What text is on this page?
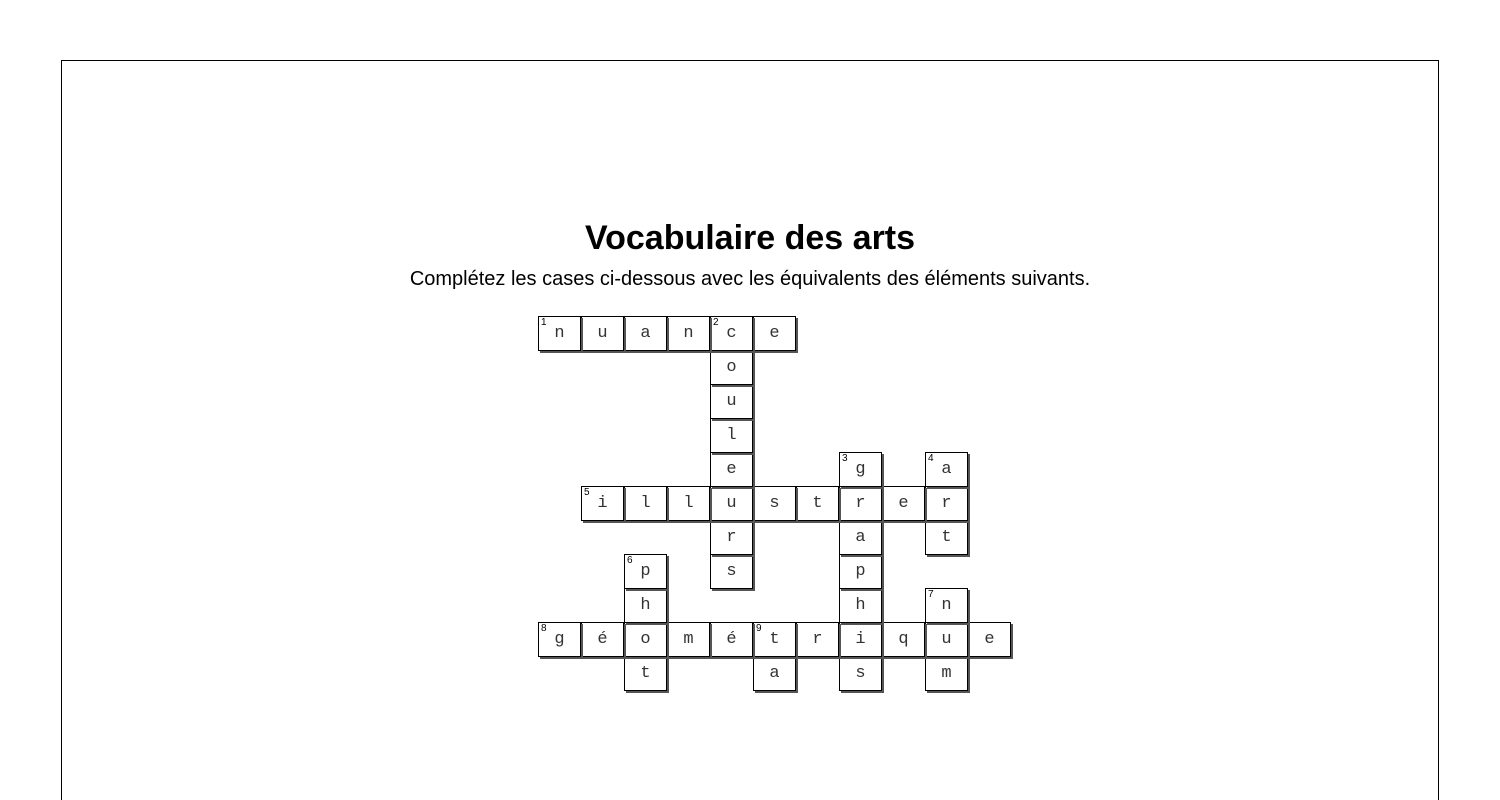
Vocabulaire des arts
Complétez les cases ci-dessous avec les équivalents des éléments suivants.
m
s
a
t
e
u
q
i
r
9
t
é
m
o
é
8
g
7
n
h
h
p
s
6
p
t
a
r
r
e
r
t
s
u
l
l
5
i
4
a
3
g
e
l
u
o
e
2
c
n
a
u
1
n
